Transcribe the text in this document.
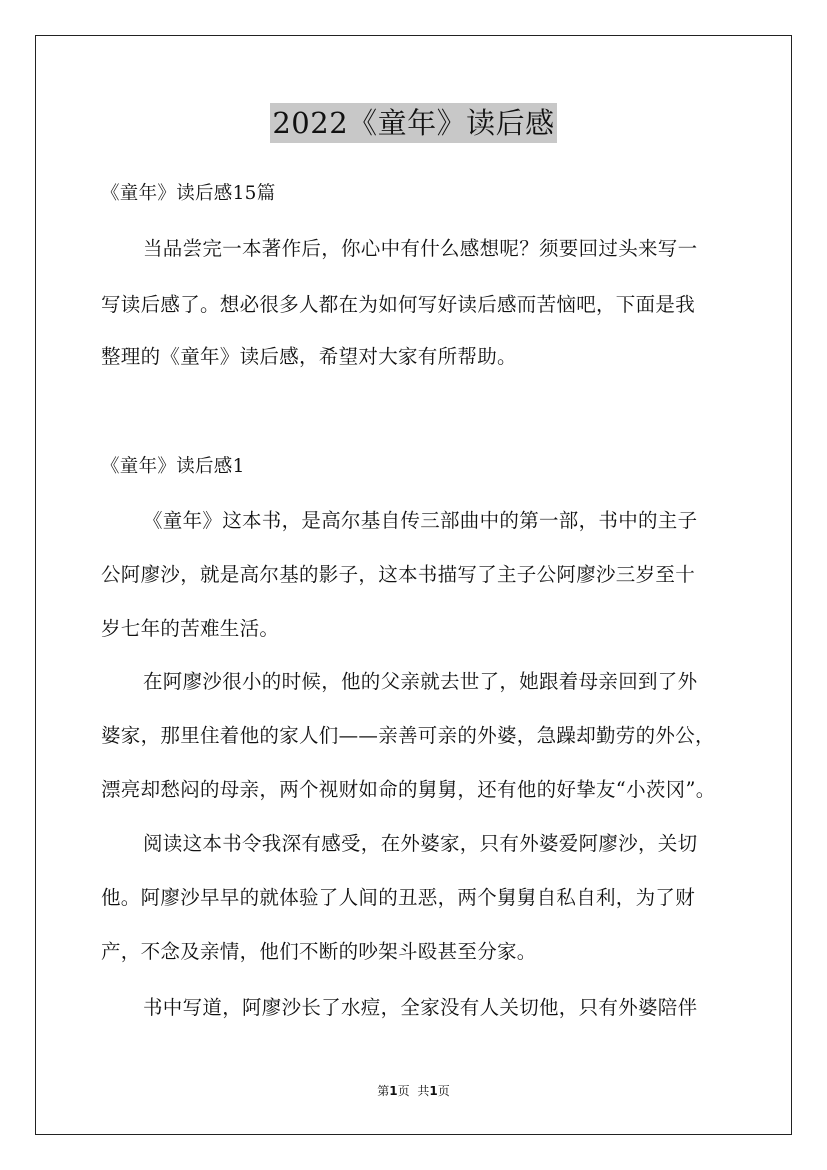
2022《童年》读后感
《童年》读后感15篇
当品尝完一本著作后，你心中有什么感想呢？须要回过头来写一
写读后感了。想必很多人都在为如何写好读后感而苦恼吧，下面是我
整理的《童年》读后感，希望对大家有所帮助。
《童年》读后感1
《童年》这本书，是高尔基自传三部曲中的第一部，书中的主子
公阿廖沙，就是高尔基的影子，这本书描写了主子公阿廖沙三岁至十
岁七年的苦难生活。
在阿廖沙很小的时候，他的父亲就去世了，她跟着母亲回到了外
婆家，那里住着他的家人们——亲善可亲的外婆，急躁却勤劳的外公，
漂亮却愁闷的母亲，两个视财如命的舅舅，还有他的好挚友“小茨冈”。
阅读这本书令我深有感受，在外婆家，只有外婆爱阿廖沙，关切
他。阿廖沙早早的就体验了人间的丑恶，两个舅舅自私自利，为了财
产，不念及亲情，他们不断的吵架斗殴甚至分家。
书中写道，阿廖沙长了水痘，全家没有人关切他，只有外婆陪伴
第1页 共1页
